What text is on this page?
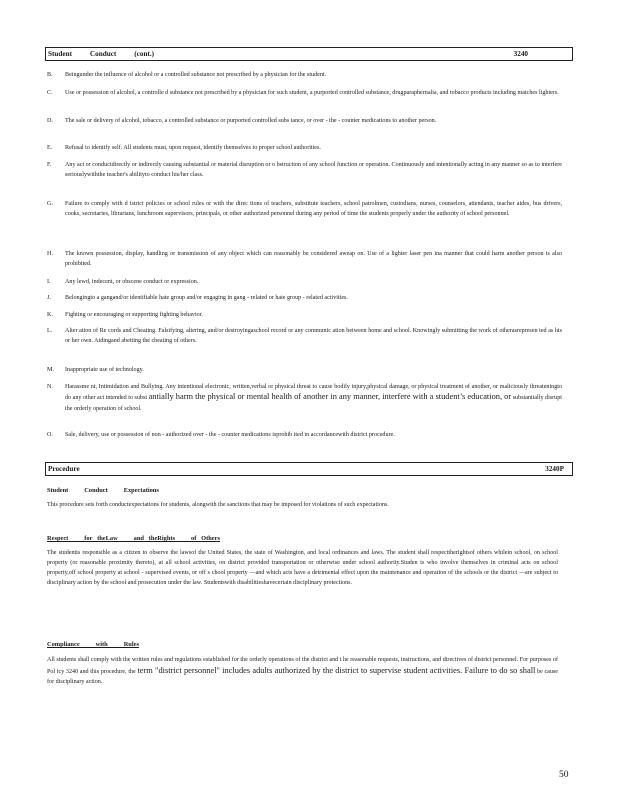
Student          Conduct          (cont.)	3240
B.	Beingunder the influence of alcohol or a controlled substance not prescribed by a physician for the student.
C.	Use or possession of alcohol, a controlle d substance not prescribed by a physician for such student, a purported controlled substance, drugparaphernalia, and tobacco products including matches lighters.
D.	The sale or delivery of alcohol, tobacco, a controlled substance or purported controlled subs tance, or over - the - counter medications to another person.
E.	Refusal to identify self. All students must, upon request, identify themselves to proper school authorities.
F.	Any act or conductdirectly or indirectly causing substantial or material disruption or o bstruction of any school function or operation. Continuously and intentionally acting in any manner so as to interfere seriouslywiththe teacher's abilityto conduct his/her class.
G.	Failure to comply with d istrict policies or school rules or with the direc tions of teachers, substitute teachers, school patrolmen, custodians, nurses, counselors, attendants, teacher aides, bus drivers, cooks, secretaries, librarians, lunchroom supervisors, principals, or other authorized personnel during any period of time the students properly under the authority of school personnel.
H.	The known possession, display, handling or transmission of any object which can reasonably be considered aweap on. Use of a lighter laser pen ina manner that could harm another person is also prohibited.
I.	Any lewd, indecent, or obscene conduct or expression.
J.	Belongingto a gangand/or identifiable hate group and/or engaging in gang - related or hate group - related activities.
K.	Fighting or encouraging or supporting fighting behavior.
L.	Alter ation of Re cords and Cheating. Falsifying, altering, and/or destroyingaschool record or any communic ation between home and school. Knowingly submitting the work of otherasrepresen ted as his or her own. Aidingand abetting the cheating of others.
M.	Inappropriate use of technology.
N.	Harassme nt, Intimidation and Bullying. Any intentional electronic, written,verbal or physical threat to cause bodily injury,physical damage, or physical treatment of another, or maliciously threateningto do any other act intended to subst antially harm the physical or mental health of another in any manner, interfere with a student’s education, or substantially disrupt the orderly operation of school.
O.	Sale, delivery, use or possession of non - authorized over - the - counter medications isprohib ited in accordancewith district procedure.
Procedure	3240P
Student          Conduct          Expectations
This procedure sets forth conductexpectations for students, alongwith the sanctions that may be imposed for violations of such expectations.
Respect          for   theLaw          and   theRights          of   Others
The studentis responsible as a citizen to observe the lawsof the United States, the state of Washington, and local ordinances and laws. The student shall respecttherightsof others whilein school, on school property (or reasonable proximity thereto), at all school activities, on district provided transportation or otherwise under school authority.Studen ts who involve themselves in criminal acts on school property,off school property at school - supervised events, or off s chool property —and which acts have a detrimental effect upon the maintenance and operation of the schools or the district —are subject to disciplinary action by the school and prosecution under the law. Studentswith disabilitieshavecertain disciplinary protections.
Compliance          with          Rules
All students shall comply with the written rules and regulations established for the orderly operations of the district and t he reasonable requests, instructions, and directives of district personnel. For purposes of Pol icy 3240 and this procedure, the term "district personnel" includes adults authorized by the district to supervise student activities. Failure to do so shall be cause for disciplinary action.
50
